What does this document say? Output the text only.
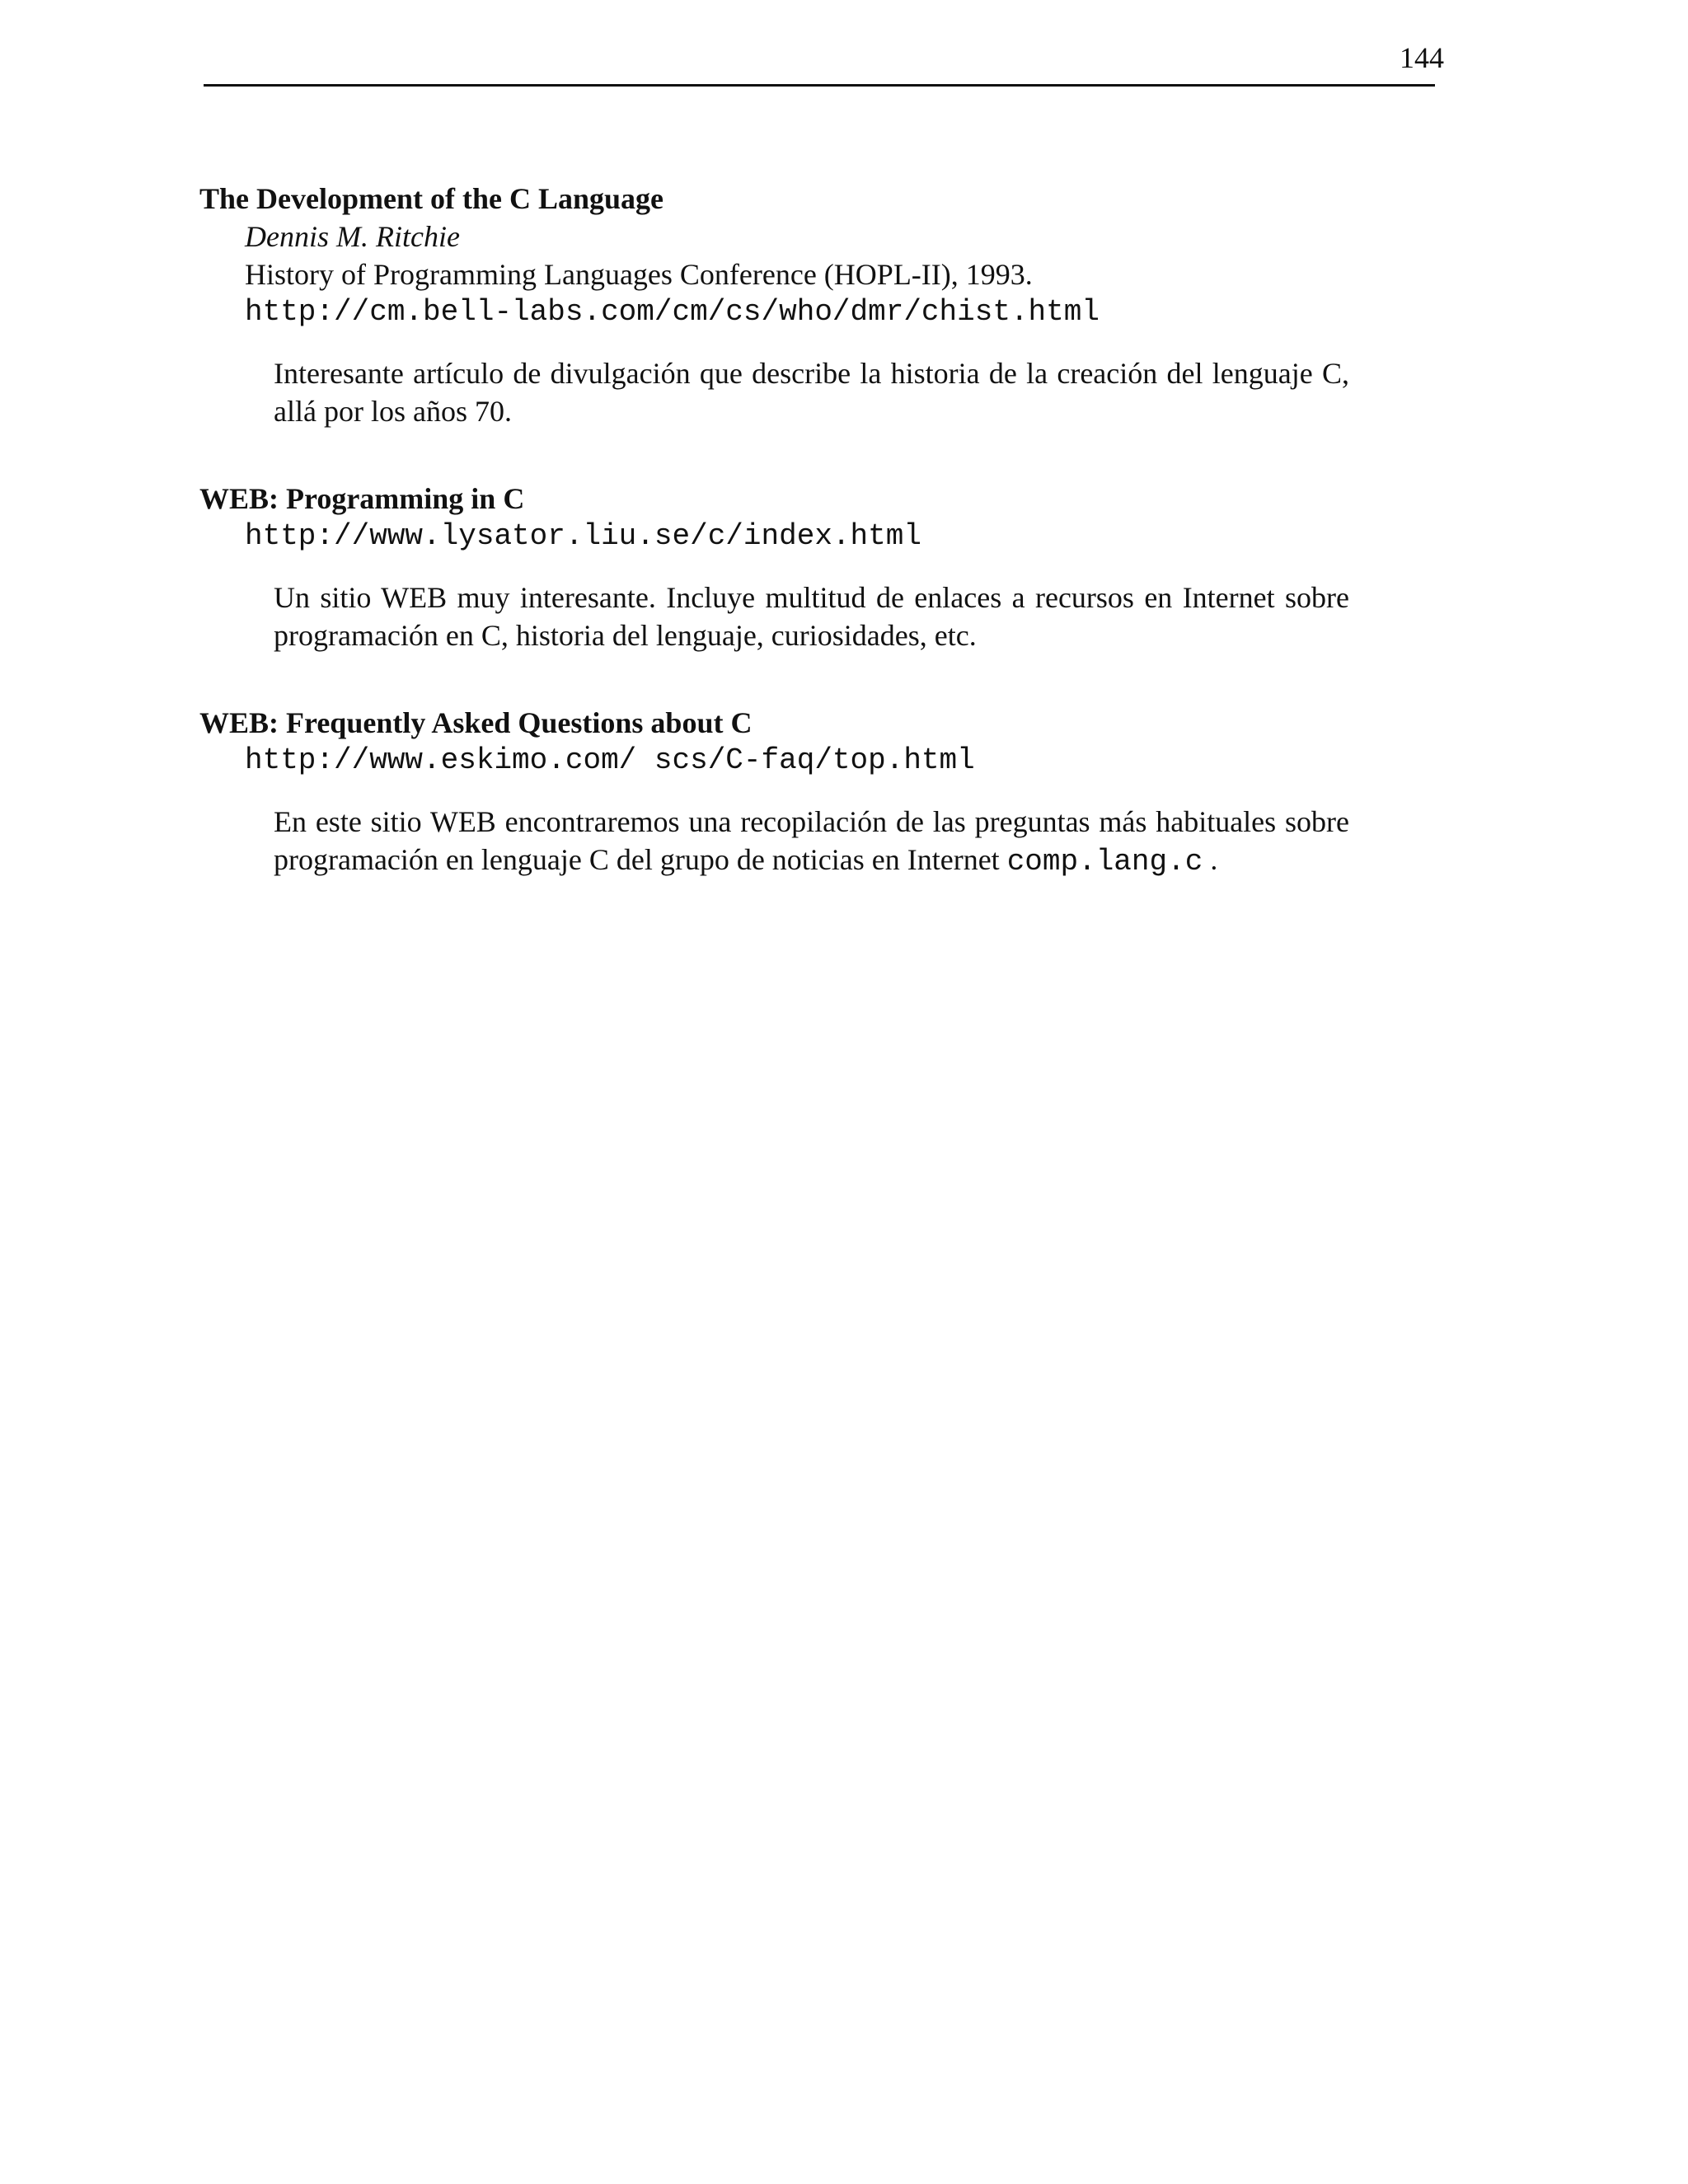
144
The Development of the C Language
Dennis M. Ritchie
History of Programming Languages Conference (HOPL-II), 1993.
http://cm.bell-labs.com/cm/cs/who/dmr/chist.html
Interesante artículo de divulgación que describe la historia de la creación del lenguaje C, allá por los años 70.
WEB: Programming in C
http://www.lysator.liu.se/c/index.html
Un sitio WEB muy interesante. Incluye multitud de enlaces a recursos en Internet sobre programación en C, historia del lenguaje, curiosidades, etc.
WEB: Frequently Asked Questions about C
http://www.eskimo.com/ scs/C-faq/top.html
En este sitio WEB encontraremos una recopilación de las preguntas más habituales sobre programación en lenguaje C del grupo de noticias en Internet comp.lang.c .
